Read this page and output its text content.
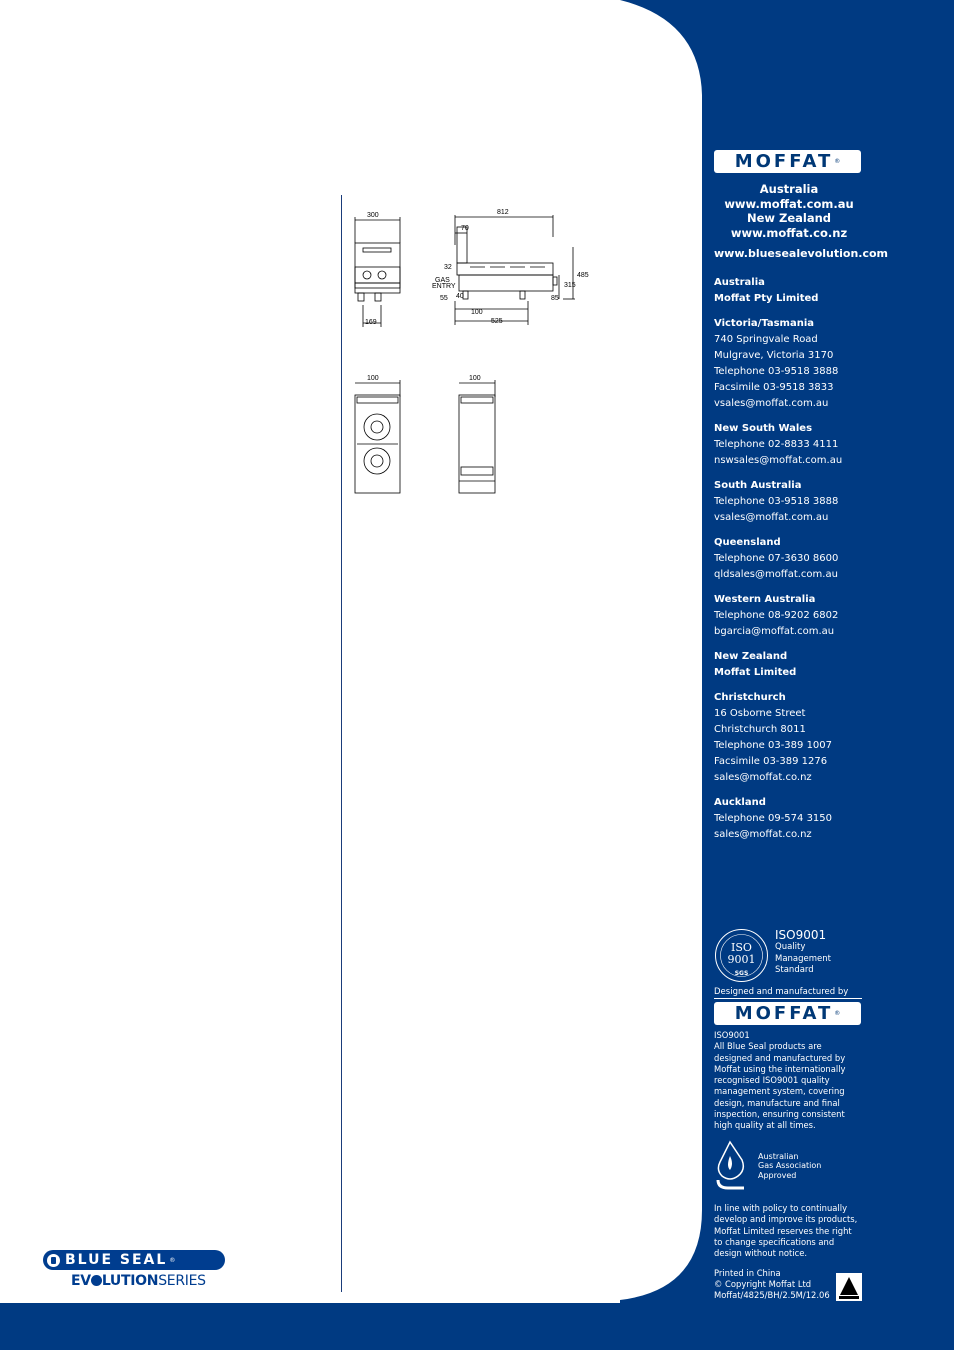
300
169
812
70
32
GAS
ENTRY
55 40
100
525
85
315
485
100	100
MOFFAT ®
Australia
www.moffat.com.au
New Zealand
www.moffat.co.nz
www.bluesealevolution.com
Australia
Moffat Pty Limited
Victoria/Tasmania
740 Springvale Road
Mulgrave, Victoria 3170
Telephone 03-9518 3888
Facsimile 03-9518 3833
vsales@moffat.com.au
New South Wales
Telephone 02-8833 4111
nswsales@moffat.com.au
South Australia
Telephone 03-9518 3888
vsales@moffat.com.au
Queensland
Telephone 07-3630 8600
qldsales@moffat.com.au
Western Australia
Telephone 08-9202 6802
bgarcia@moffat.com.au
New Zealand
Moffat Limited
Christchurch
16 Osborne Street
Christchurch 8011
Telephone 03-389 1007
Facsimile 03-389 1276
sales@moffat.co.nz
Auckland
Telephone 09-574 3150
sales@moffat.co.nz
ISO
9001
SGS
ISO9001
Quality
Management
Standard
Designed and manufactured by
MOFFAT ®
ISO9001
All Blue Seal products are
designed and manufactured by
Moffat using the internationally
recognised ISO9001 quality
management system, covering
design, manufacture and final
inspection, ensuring consistent
high quality at all times.
Australian
Gas Association
Approved
In line with policy to continually
develop and improve its products,
Moffat Limited reserves the right
to change specifications and
design without notice.
Printed in China
© Copyright Moffat Ltd
Moffat/4825/BH/2.5M/12.06
BLUE SEAL ®
EV LUTIONSERIES
